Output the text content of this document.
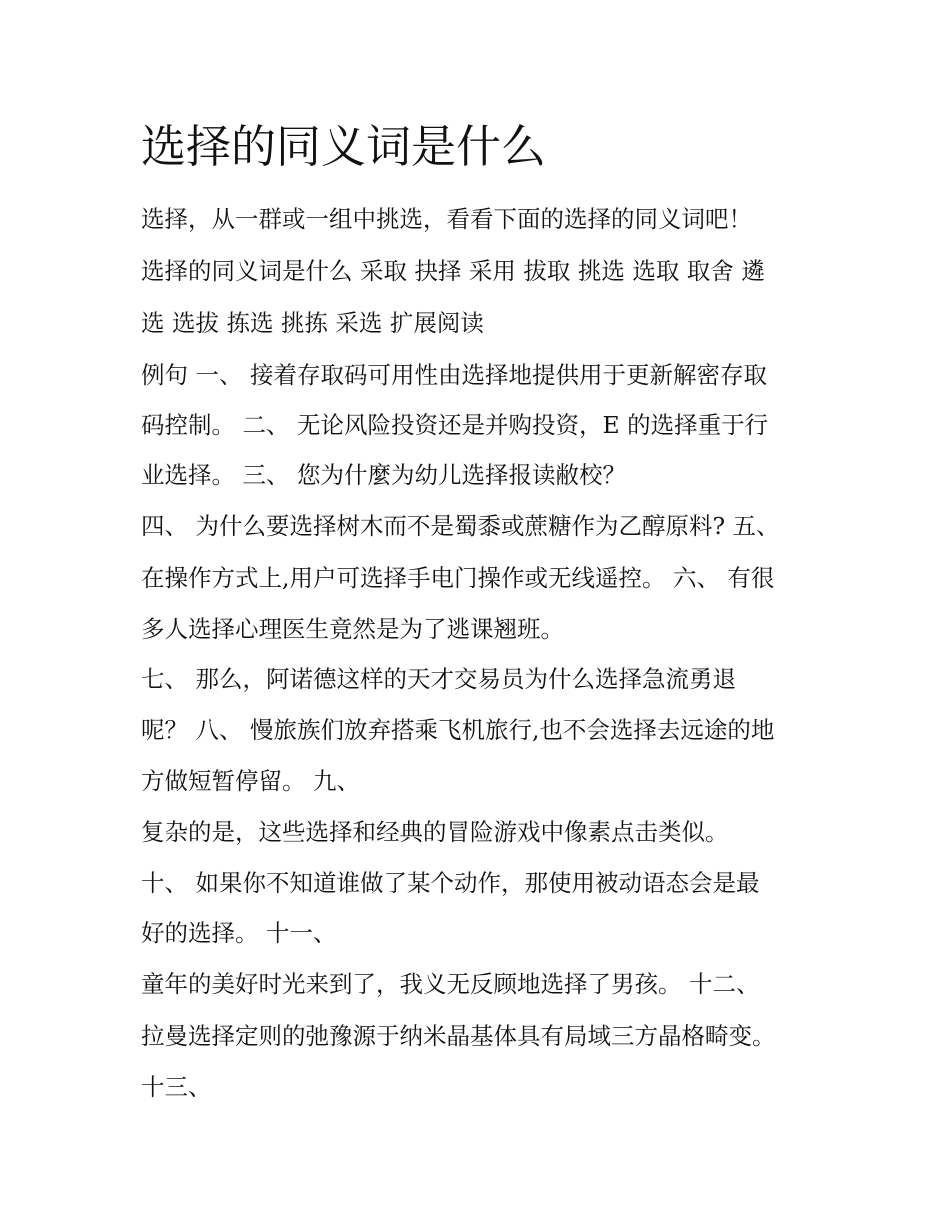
选择的同义词是什么

选择，从一群或一组中挑选，看看下面的选择的同义词吧！

选择的同义词是什么 采取 抉择 采用 拔取 挑选 选取 取舍 遴

选 选拔 拣选 挑拣 采选 扩展阅读

例句 一、 接着存取码可用性由选择地提供用于更新解密存取

码控制。 二、 无论风险投资还是并购投资，E 的选择重于行

业选择。 三、 您为什麼为幼儿选择报读敝校？

四、 为什么要选择树木而不是蜀黍或蔗糖作为乙醇原料? 五、

在操作方式上,用户可选择手电门操作或无线遥控。 六、 有很

多人选择心理医生竟然是为了逃课翘班。

七、 那么，阿诺德这样的天才交易员为什么选择急流勇退

呢？ 八、 慢旅族们放弃搭乘飞机旅行,也不会选择去远途的地

方做短暂停留。 九、

复杂的是，这些选择和经典的冒险游戏中像素点击类似。

十、 如果你不知道谁做了某个动作，那使用被动语态会是最

好的选择。 十一、

童年的美好时光来到了，我义无反顾地选择了男孩。 十二、

拉曼选择定则的弛豫源于纳米晶基体具有局域三方晶格畸变。

十三、
